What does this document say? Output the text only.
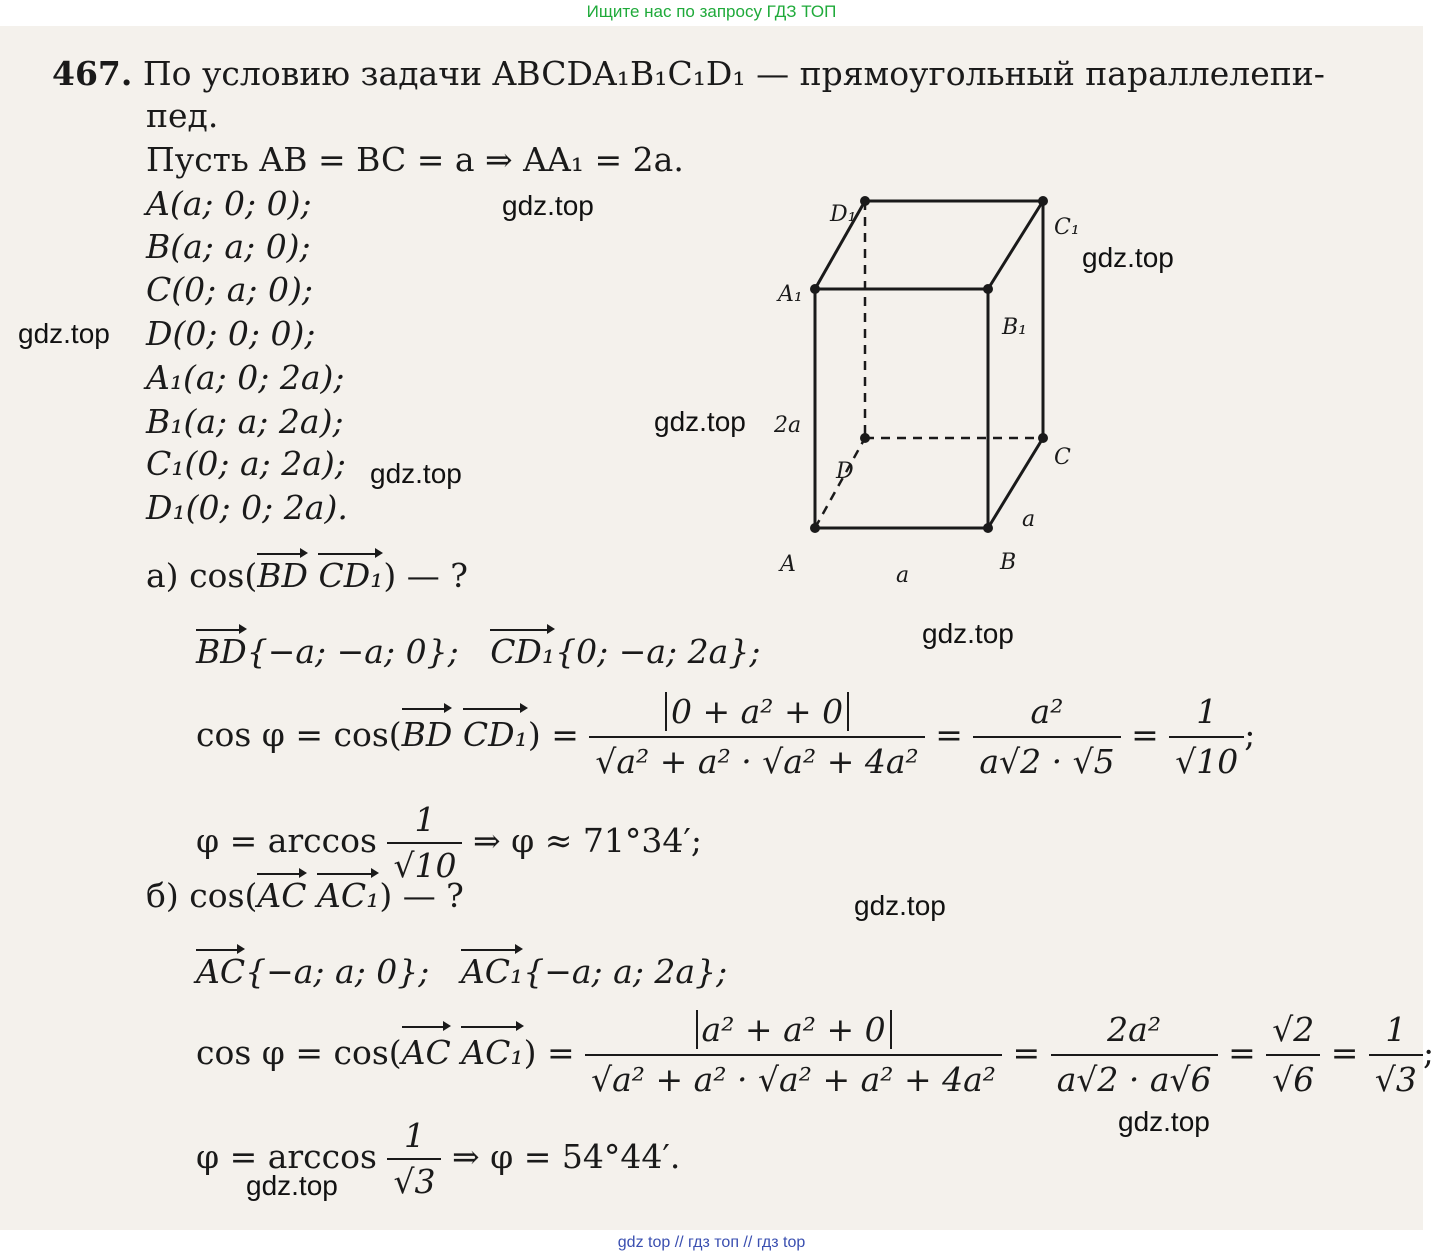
Ищите нас по запросу ГДЗ ТОП
467. По условию задачи ABCDA₁B₁C₁D₁ — прямоугольный параллелепи-
пед.
Пусть AB = BC = a ⇒ AA₁ = 2a.
A(a; 0; 0);
B(a; a; 0);
C(0; a; 0);
D(0; 0; 0);
A₁(a; 0; 2a);
B₁(a; a; 2a);
C₁(0; a; 2a);
D₁(0; 0; 2a).
D₁
C₁
A₁
B₁
D
C
A	B
2a
a
a
а) cos(BD CD₁) — ?
BD{−a; −a; 0}; CD₁{0; −a; 2a};
cos φ = cos(BD $CD_1) = \frac{\text{0 + a² + 0}}{\text{√a² + a² · √a² + 4a²}} = \frac{\text{a²}}{a√2 \cdot √5} = \frac{1}{√10}$ ;
$\varphi = \arccos \frac{1}{√10}$ ⇒ φ ≈ 71°34′;
б) cos(AC AC₁) — ?
AC{−a; a; 0}; AC₁{−a; a; 2a};
cos φ = cos(AC $AC_1) = \frac{\text{a² + a² + 0}}{\text{√a² + a² · √a² + a² + 4a²}} = \frac{\text{2a²}}{a√2 \cdot a√6} = \frac{√2}{√6} = \frac{1}{√3}$ ;
$\varphi = \arccos \frac{1}{√3}$ ⇒ φ = 54°44′.
gdz.top
gdz.top
gdz.top
gdz.top
gdz.top
gdz.top
gdz.top
gdz.top
gdz.top
gdz top // гдз топ // гдз top
